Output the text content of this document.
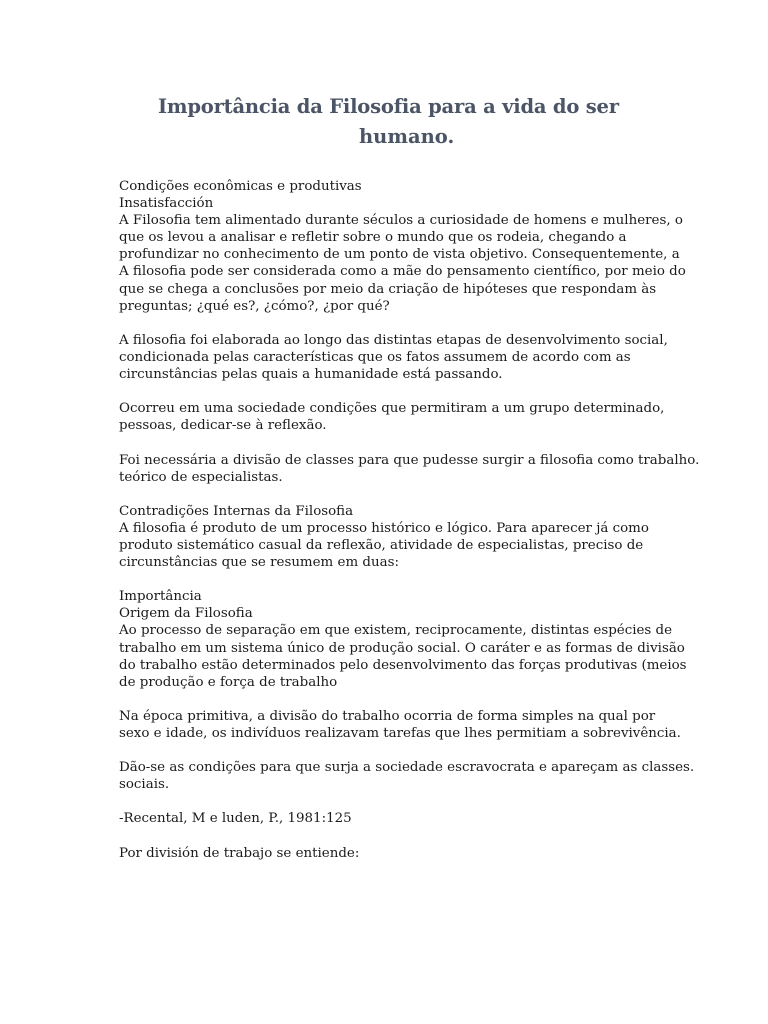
Importância da Filosofia para a vida do ser
humano.
Condições econômicas e produtivas
Insatisfacción
A Filosofia tem alimentado durante séculos a curiosidade de homens e mulheres, o
que os levou a analisar e refletir sobre o mundo que os rodeia, chegando a
profundizar no conhecimento de um ponto de vista objetivo. Consequentemente, a
A filosofia pode ser considerada como a mãe do pensamento científico, por meio do
que se chega a conclusões por meio da criação de hipóteses que respondam às
preguntas; ¿qué es?, ¿cómo?, ¿por qué?
A filosofia foi elaborada ao longo das distintas etapas de desenvolvimento social,
condicionada pelas características que os fatos assumem de acordo com as
circunstâncias pelas quais a humanidade está passando.
Ocorreu em uma sociedade condições que permitiram a um grupo determinado,
pessoas, dedicar-se à reflexão.
Foi necessária a divisão de classes para que pudesse surgir a filosofia como trabalho.
teórico de especialistas.
Contradições Internas da Filosofia
A filosofia é produto de um processo histórico e lógico. Para aparecer já como
produto sistemático casual da reflexão, atividade de especialistas, preciso de
circunstâncias que se resumem em duas:
Importância
Origem da Filosofia
Ao processo de separação em que existem, reciprocamente, distintas espécies de
trabalho em um sistema único de produção social. O caráter e as formas de divisão
do trabalho estão determinados pelo desenvolvimento das forças produtivas (meios
de produção e força de trabalho
Na época primitiva, a divisão do trabalho ocorria de forma simples na qual por
sexo e idade, os indivíduos realizavam tarefas que lhes permitiam a sobrevivência.
Dão-se as condições para que surja a sociedade escravocrata e apareçam as classes.
sociais.
-Recental, M e luden, P., 1981:125
Por división de trabajo se entiende:
